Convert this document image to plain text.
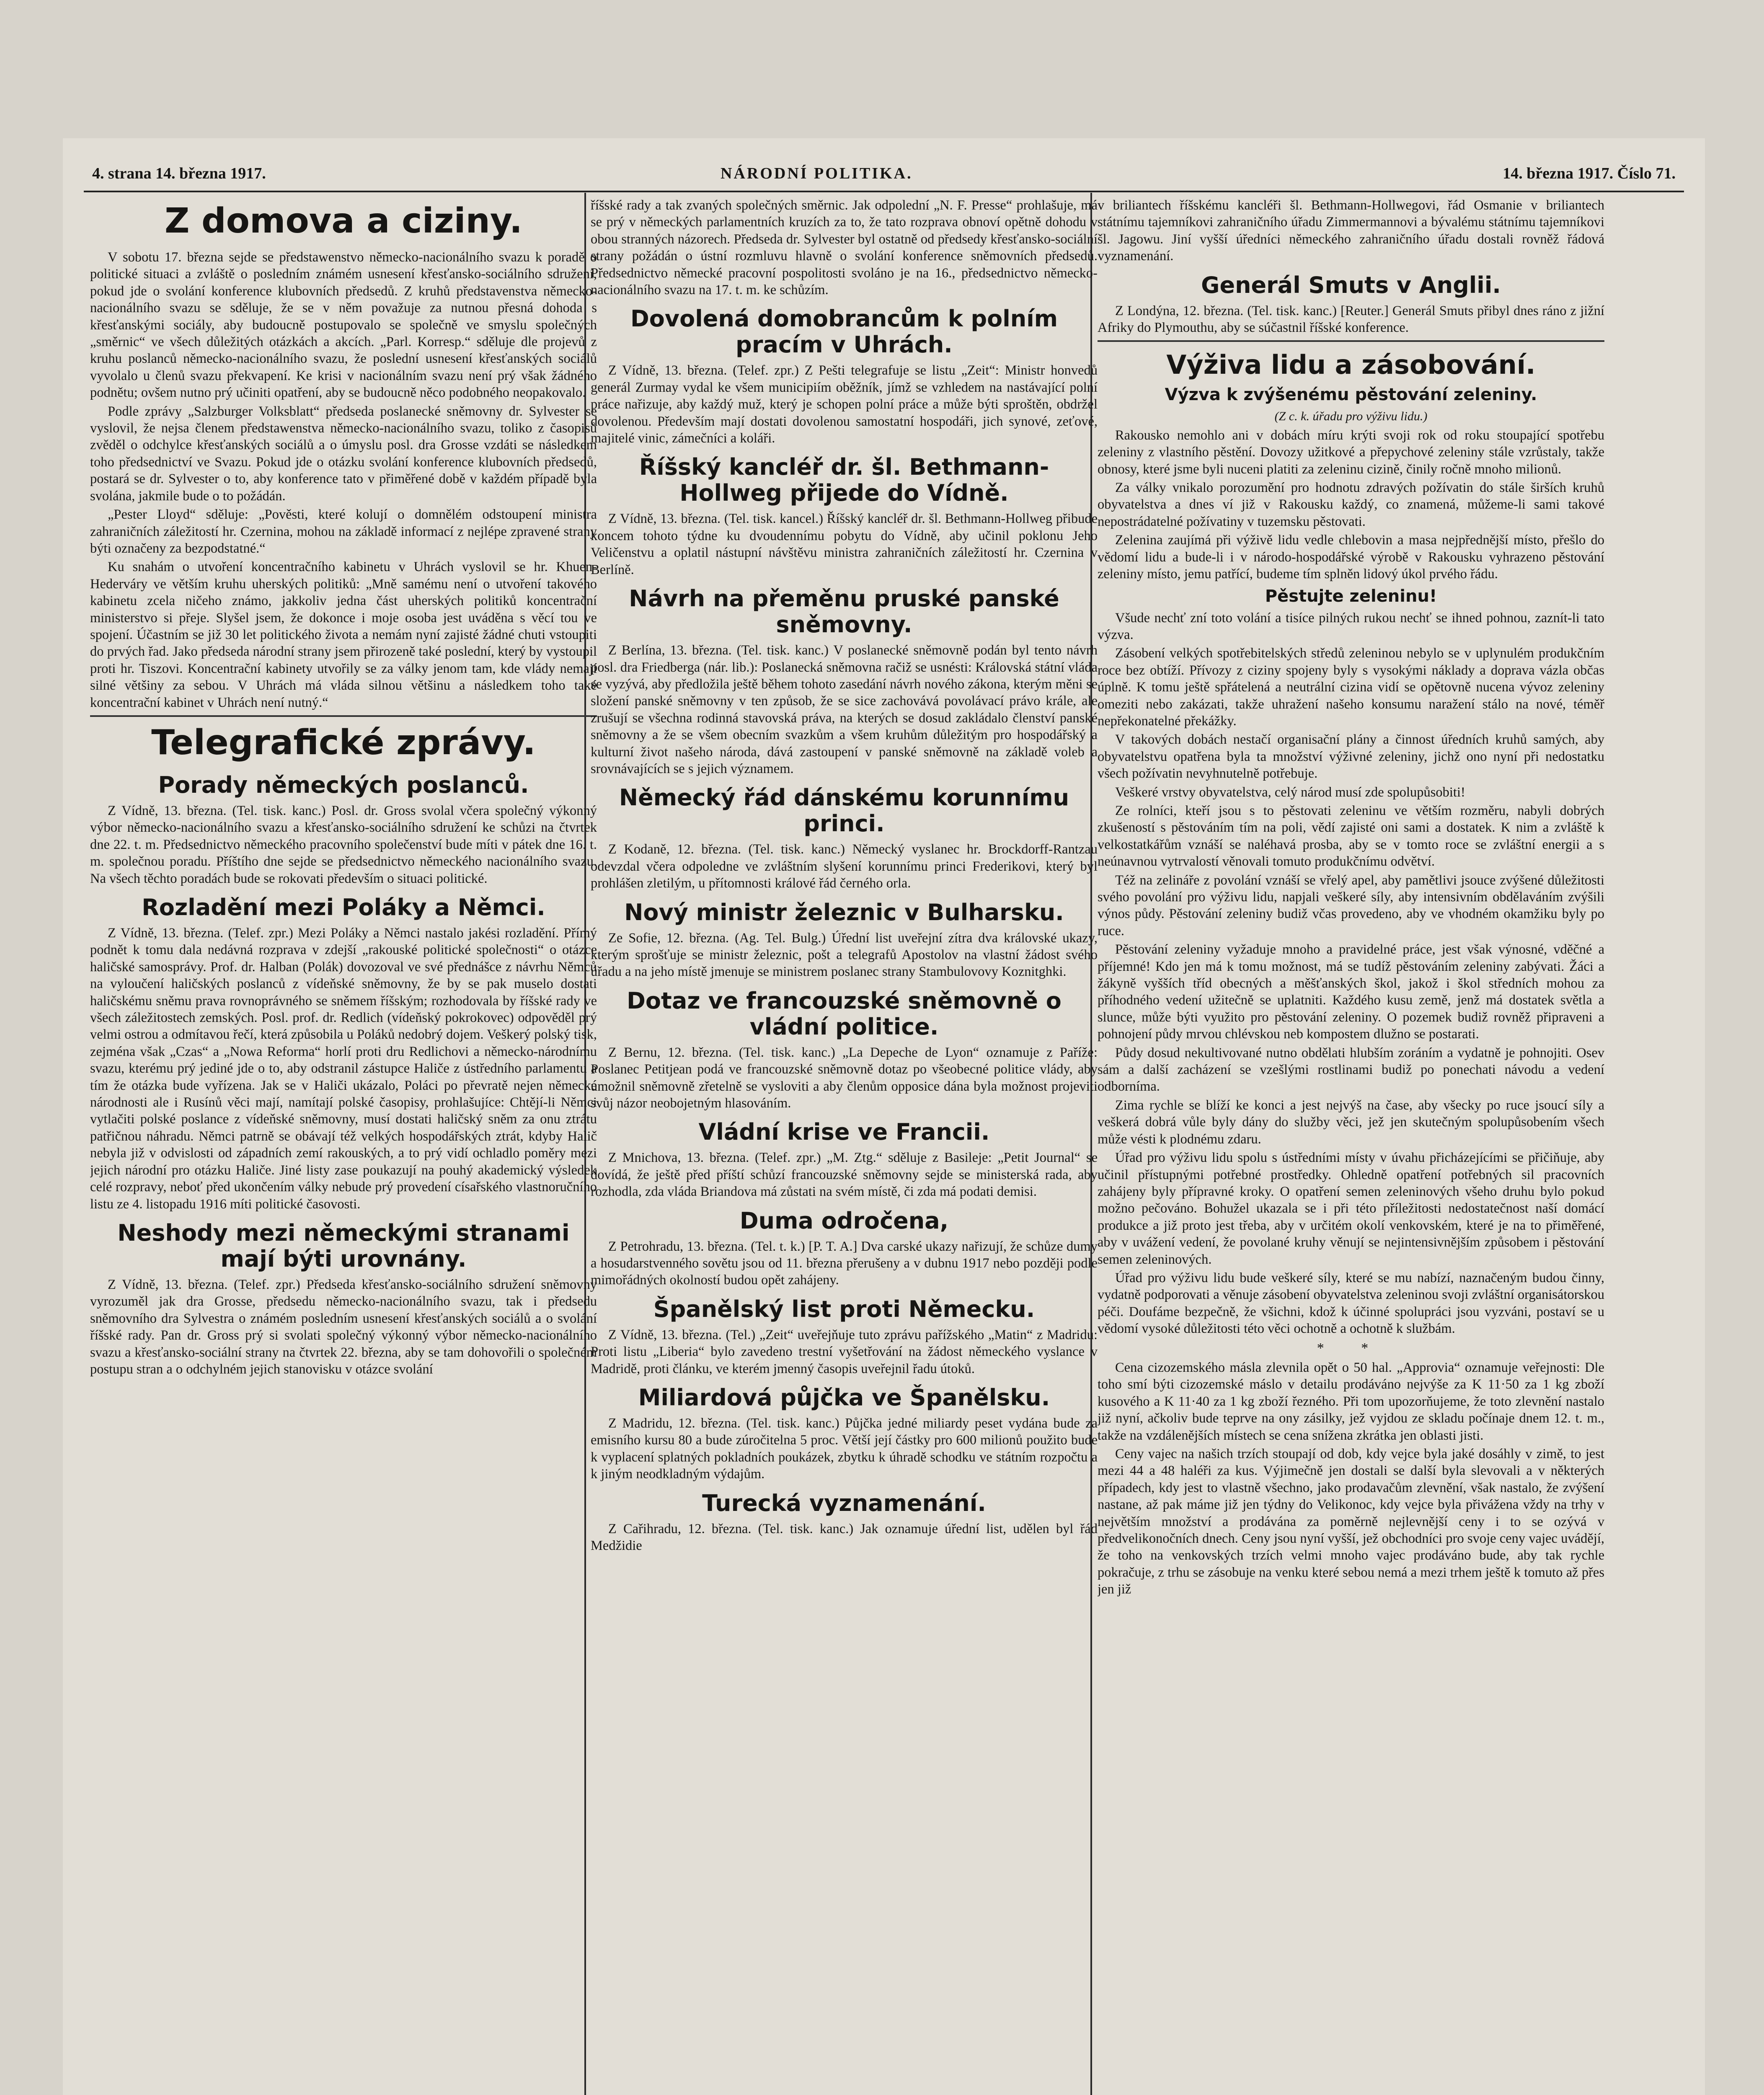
4. strana 14. března 1917.	NÁRODNÍ POLITIKA.	14. března 1917. Číslo 71.
Z domova a ciziny.

V sobotu 17. března sejde se předstawenstvo německo-nacionálního svazu k poradě o politické situaci a zvláště o posledním známém usnesení křesťansko-sociálního sdružení, pokud jde o svolání konference klubovních předsedů. Z kruhů představenstva německo-nacionálního svazu se sděluje, že se v něm považuje za nutnou přesná dohoda s křesťanskými sociály, aby budoucně postupovalo se společně ve smyslu společných „směrnic“ ve všech důležitých otázkách a akcích. „Parl. Korresp.“ sděluje dle projevů z kruhu poslanců německo-nacionálního svazu, že poslední usnesení křesťanských sociálů vyvolalo u členů svazu překvapení. Ke krisi v nacionálním svazu není prý však žádného podnětu; ovšem nutno prý učiniti opatření, aby se budoucně něco podobného neopakovalo.

Podle zprávy „Salzburger Volksblatt“ předseda poslanecké sněmovny dr. Sylvester se vyslovil, že nejsa členem předstawenstva německo-nacionálního svazu, toliko z časopisů zvěděl o odchylce křesťanských sociálů a o úmyslu posl. dra Grosse vzdáti se následkem toho předsednictví ve Svazu. Pokud jde o otázku svolání konference klubovních předsedů, postará se dr. Sylvester o to, aby konference tato v přiměřené době v každém případě byla svolána, jakmile bude o to požádán.

„Pester Lloyd“ sděluje: „Pověsti, které kolují o domnělém odstoupení ministra zahraničních záležitostí hr. Czernina, mohou na základě informací z nejlépe zpravené strany býti označeny za bezpodstatné.“

Ku snahám o utvoření koncentračního kabinetu v Uhrách vyslovil se hr. Khuen-Hederváry ve větším kruhu uherských politiků: „Mně samému není o utvoření takového kabinetu zcela ničeho známo, jakkoliv jedna část uherských politiků koncentrační ministerstvo si přeje. Slyšel jsem, že dokonce i moje osoba jest uváděna s věcí tou ve spojení. Účastním se již 30 let politického života a nemám nyní zajisté žádné chuti vstoupiti do prvých řad. Jako předseda národní strany jsem přirozeně také poslední, který by vystoupil proti hr. Tiszovi. Koncentrační kabinety utvořily se za války jenom tam, kde vlády nemají silné většiny za sebou. V Uhrách má vláda silnou většinu a následkem toho také koncentrační kabinet v Uhrách není nutný.“

Telegrafické zprávy.
Porady německých poslanců.

Z Vídně, 13. března. (Tel. tisk. kanc.) Posl. dr. Gross svolal včera společný výkonný výbor německo-nacionálního svazu a křesťansko-sociálního sdružení ke schůzi na čtvrtek dne 22. t. m. Předsednictvo německého pracovního společenství bude míti v pátek dne 16. t. m. společnou poradu. Příštího dne sejde se předsednictvo německého nacionálního svazu. Na všech těchto poradách bude se rokovati především o situaci politické.

Rozladění mezi Poláky a Němci.

Z Vídně, 13. března. (Telef. zpr.) Mezi Poláky a Němci nastalo jakési rozladění. Přímý podnět k tomu dala nedávná rozprava v zdejší „rakouské politické společnosti“ o otázce haličské samosprávy. Prof. dr. Halban (Polák) dovozoval ve své přednášce z návrhu Němců na vyloučení haličských poslanců z vídeňské sněmovny, že by se pak muselo dostati haličskému sněmu prava rovnoprávného se sněmem říšským; rozhodovala by říšské rady ve všech záležitostech zemských. Posl. prof. dr. Redlich (vídeňský pokrokovec) odpověděl prý velmi ostrou a odmítavou řečí, která způsobila u Poláků nedobrý dojem. Veškerý polský tisk, zejména však „Czas“ a „Nowa Reforma“ horlí proti dru Redlichovi a německo-národnímu svazu, kterému prý jediné jde o to, aby odstranil zástupce Haliče z ústředního parlamentu a tím že otázka bude vyřízena. Jak se v Haliči ukázalo, Poláci po převratě nejen německé národnosti ale i Rusínů věci mají, namítají polské časopisy, prohlašujíce: Chtějí-li Němci vytlačiti polské poslance z vídeňské sněmovny, musí dostati haličský sněm za onu ztrátu patřičnou náhradu. Němci patrně se obávají též velkých hospodářských ztrát, kdyby Halič nebyla již v odvislosti od západních zemí rakouských, a to prý vidí ochladlo poměry mezi jejich národní pro otázku Haliče. Jiné listy zase poukazují na pouhý akademický výsledek celé rozpravy, neboť před ukončením války nebude prý provedení císařského vlastnoručního listu ze 4. listopadu 1916 míti politické časovosti.

Neshody mezi německými stranami mají býti urovnány.

Z Vídně, 13. března. (Telef. zpr.) Předseda křesťansko-sociálního sdružení sněmovny vyrozuměl jak dra Grosse, předsedu německo-nacionálního svazu, tak i předsedu sněmovního dra Sylvestra o známém posledním usnesení křesťanských sociálů a o svolání říšské rady. Pan dr. Gross prý si svolati společný výkonný výbor německo-nacionálního svazu a křesťansko-sociální strany na čtvrtek 22. března, aby se tam dohovořili o společném postupu stran a o odchylném jejich stanovisku v otázce svolání

říšské rady a tak zvaných společných směrnic. Jak odpolední „N. F. Presse“ prohlašuje, má se prý v německých parlamentních kruzích za to, že tato rozprava obnoví opětně dohodu v obou stranných názorech. Předseda dr. Sylvester byl ostatně od předsedy křesťansko-sociální strany požádán o ústní rozmluvu hlavně o svolání konference sněmovních předsedů. Předsednictvo německé pracovní pospolitosti svoláno je na 16., předsednictvo německo-nacionálního svazu na 17. t. m. ke schůzím.

Dovolená domobrancům k polním pracím v Uhrách.

Z Vídně, 13. března. (Telef. zpr.) Z Pešti telegrafuje se listu „Zeit“: Ministr honvedů generál Zurmay vydal ke všem municipiím oběžník, jímž se vzhledem na nastávající polní práce nařizuje, aby každý muž, který je schopen polní práce a může býti sproštěn, obdržel dovolenou. Především mají dostati dovolenou samostatní hospodáři, jich synové, zeťové, majitelé vinic, zámečníci a koláři.

Říšský kancléř dr. šl. Bethmann-Hollweg přijede do Vídně.

Z Vídně, 13. března. (Tel. tisk. kancel.) Říšský kancléř dr. šl. Bethmann-Hollweg přibude koncem tohoto týdne ku dvoudennímu pobytu do Vídně, aby učinil poklonu Jeho Veličenstvu a oplatil nástupní návštěvu ministra zahraničních záležitostí hr. Czernina v Berlíně.

Návrh na přeměnu pruské panské sněmovny.

Z Berlína, 13. března. (Tel. tisk. kanc.) V poslanecké sněmovně podán byl tento návrh posl. dra Friedberga (nár. lib.): Poslanecká sněmovna račiž se usnésti: Královská státní vláda se vyzývá, aby předložila ještě během tohoto zasedání návrh nového zákona, kterým měni se složení panské sněmovny v ten způsob, že se sice zachovává povolávací právo krále, ale zrušují se všechna rodinná stavovská práva, na kterých se dosud zakládalo členství panské sněmovny a že se všem obecním svazkům a všem kruhům důležitým pro hospodářský a kulturní život našeho národa, dává zastoupení v panské sněmovně na základě voleb a srovnávajících se s jejich významem.

Německý řád dánskému korunnímu princi.

Z Kodaně, 12. března. (Tel. tisk. kanc.) Německý vyslanec hr. Brockdorff-Rantzau odevzdal včera odpoledne ve zvláštním slyšení korunnímu princi Frederikovi, který byl prohlášen zletilým, u přítomnosti králové řád černého orla.

Nový ministr železnic v Bulharsku.

Ze Sofie, 12. března. (Ag. Tel. Bulg.) Úřední list uveřejní zítra dva královské ukazy, kterým sprošťuje se ministr železnic, pošt a telegrafů Apostolov na vlastní žádost svého úřadu a na jeho místě jmenuje se ministrem poslanec strany Stambulovovy Koznitghki.

Dotaz ve francouzské sněmovně o vládní politice.

Z Bernu, 12. března. (Tel. tisk. kanc.) „La Depeche de Lyon“ oznamuje z Paříže: Poslanec Petitjean podá ve francouzské sněmovně dotaz po všeobecné politice vlády, aby umožnil sněmovně zřetelně se vysloviti a aby členům opposice dána byla možnost projeviti svůj názor neobojetným hlasováním.

Vládní krise ve Francii.

Z Mnichova, 13. března. (Telef. zpr.) „M. Ztg.“ sděluje z Basileje: „Petit Journal“ se dovídá, že ještě před příští schůzí francouzské sněmovny sejde se ministerská rada, aby rozhodla, zda vláda Briandova má zůstati na svém místě, či zda má podati demisi.

Duma odročena,

Z Petrohradu, 13. března. (Tel. t. k.) [P. T. A.] Dva carské ukazy nařizují, že schůze dumy a hosudarstvenného sovětu jsou od 11. března přerušeny a v dubnu 1917 nebo později podle mimořádných okolností budou opět zahájeny.

Španělský list proti Německu.

Z Vídně, 13. března. (Tel.) „Zeit“ uveřejňuje tuto zprávu pařížského „Matin“ z Madridu: Proti listu „Liberia“ bylo zavedeno trestní vyšetřování na žádost německého vyslance v Madridě, proti článku, ve kterém jmenný časopis uveřejnil řadu útoků.

Miliardová půjčka ve Španělsku.

Z Madridu, 12. března. (Tel. tisk. kanc.) Půjčka jedné miliardy peset vydána bude za emisního kursu 80 a bude zúročitelna 5 proc. Větší její částky pro 600 milionů použito bude k vyplacení splatných pokladních poukázek, zbytku k úhradě schodku ve státním rozpočtu a k jiným neodkladným výdajům.

Turecká vyznamenání.

Z Cařihradu, 12. března. (Tel. tisk. kanc.) Jak oznamuje úřední list, udělen byl řád Medžidie

v briliantech říšskému kancléři šl. Bethmann-Hollwegovi, řád Osmanie v briliantech státnímu tajemníkovi zahraničního úřadu Zimmermannovi a bývalému státnímu tajemníkovi šl. Jagowu. Jiní vyšší úředníci německého zahraničního úřadu dostali rovněž řádová vyznamenání.

Generál Smuts v Anglii.

Z Londýna, 12. března. (Tel. tisk. kanc.) [Reuter.] Generál Smuts přibyl dnes ráno z jižní Afriky do Plymouthu, aby se súčastnil říšské konference.

Výživa lidu a zásobování.
Výzva k zvýšenému pěstování zeleniny.

(Z c. k. úřadu pro výživu lidu.)

Rakousko nemohlo ani v dobách míru krýti svoji rok od roku stoupající spotřebu zeleniny z vlastního pěstění. Dovozy užitkové a přepychové zeleniny stále vzrůstaly, takže obnosy, které jsme byli nuceni platiti za zeleninu cizině, činily ročně mnoho milionů.

Za války vnikalo porozumění pro hodnotu zdravých požívatin do stále širších kruhů obyvatelstva a dnes ví již v Rakousku každý, co znamená, můžeme-li sami takové nepostrádatelné požívatiny v tuzemsku pěstovati.

Zelenina zaujímá při výživě lidu vedle chlebovin a masa nejpřednější místo, přešlo do vědomí lidu a bude-li i v národo-hospodářské výrobě v Rakousku vyhrazeno pěstování zeleniny místo, jemu patřící, budeme tím splněn lidový úkol prvého řádu.

Pěstujte zeleninu!

Všude nechť zní toto volání a tisíce pilných rukou nechť se ihned pohnou, zaznít-li tato výzva.

Zásobení velkých spotřebitelských středů zeleninou nebylo se v uplynulém produkčním roce bez obtíží. Přívozy z ciziny spojeny byly s vysokými náklady a doprava vázla občas úplně. K tomu ještě spřátelená a neutrální cizina vidí se opětovně nucena vývoz zeleniny omeziti nebo zakázati, takže uhražení našeho konsumu naražení stálo na nové, téměř nepřekonatelné překážky.

V takových dobách nestačí organisační plány a činnost úředních kruhů samých, aby obyvatelstvu opatřena byla ta množství výživné zeleniny, jichž ono nyní při nedostatku všech požívatin nevyhnutelně potřebuje.

Veškeré vrstvy obyvatelstva, celý národ musí zde spolupůsobiti!

Ze rolníci, kteří jsou s to pěstovati zeleninu ve větším rozměru, nabyli dobrých zkušeností s pěstováním tím na poli, vědí zajisté oni sami a dostatek. K nim a zvláště k velkostatkářům vznáší se naléhavá prosba, aby se v tomto roce se zvláštní energii a s neúnavnou vytrvalostí věnovali tomuto produkčnímu odvětví.

Též na zelináře z povolání vznáší se vřelý apel, aby pamětlivi jsouce zvýšené důležitosti svého povolání pro výživu lidu, napjali veškeré síly, aby intensivním obdělaváním zvýšili výnos půdy. Pěstování zeleniny budiž včas provedeno, aby ve vhodném okamžiku byly po ruce.

Pěstování zeleniny vyžaduje mnoho a pravidelné práce, jest však výnosné, vděčné a příjemné! Kdo jen má k tomu možnost, má se tudíž pěstováním zeleniny zabývati. Žáci a žákyně vyšších tříd obecných a měšťanských škol, jakož i škol středních mohou za příhodného vedení užitečně se uplatniti. Každého kusu země, jenž má dostatek světla a slunce, může býti využito pro pěstování zeleniny. O pozemek budiž rovněž připraveni a pohnojení půdy mrvou chlévskou neb kompostem dlužno se postarati.

Půdy dosud nekultivované nutno obdělati hlubším zoráním a vydatně je pohnojiti. Osev sám a další zacházení se vzešlými rostlinami budiž po ponechati návodu a vedení odborníma.

Zima rychle se blíží ke konci a jest nejvýš na čase, aby všecky po ruce jsoucí síly a veškerá dobrá vůle byly dány do služby věci, jež jen skutečným spolupůsobením všech může vésti k plodnému zdaru.

Úřad pro výživu lidu spolu s ústředními místy v úvahu přicházejícími se přičiňuje, aby učinil přístupnými potřebné prostředky. Ohledně opatření potřebných sil pracovních zahájeny byly přípravné kroky. O opatření semen zeleninových všeho druhu bylo pokud možno pečováno. Bohužel ukazala se i při této příležitosti nedostatečnost naší domácí produkce a již proto jest třeba, aby v určitém okolí venkovském, které je na to přiměřené, aby v uvážení vedení, že povolané kruhy věnují se nejintensivnějším způsobem i pěstování semen zeleninových.

Úřad pro výživu lidu bude veškeré síly, které se mu nabízí, naznačeným budou činny, vydatně podporovati a věnuje zásobení obyvatelstva zeleninou svoji zvláštní organisátorskou péči. Doufáme bezpečně, že všichni, kdož k účinné spolupráci jsou vyzváni, postaví se u vědomí vysoké důležitosti této věci ochotně a ochotně k službám.

* *

Cena cizozemského másla zlevnila opět o 50 hal. „Approvia“ oznamuje veřejnosti: Dle toho smí býti cizozemské máslo v detailu prodáváno nejvýše za K 11·50 za 1 kg zboží kusového a K 11·40 za 1 kg zboží řezného. Při tom upozorňujeme, že toto zlevnění nastalo již nyní, ačkoliv bude teprve na ony zásilky, jež vyjdou ze skladu počínaje dnem 12. t. m., takže na vzdálenějších místech se cena snížena zkrátka jen oblasti jisti.

Ceny vajec na našich trzích stoupají od dob, kdy vejce byla jaké dosáhly v zimě, to jest mezi 44 a 48 haléři za kus. Výjimečně jen dostali se další byla slevovali a v některých případech, kdy jest to vlastně všechno, jako prodavačům zlevnění, však nastalo, že zvýšení nastane, až pak máme již jen týdny do Velikonoc, kdy vejce byla přivážena vždy na trhy v největším množství a prodávána za poměrně nejlevnější ceny i to se ozývá v předvelikonočních dnech. Ceny jsou nyní vyšší, jež obchodníci pro svoje ceny vajec uvádějí, že toho na venkovských trzích velmi mnoho vajec prodáváno bude, aby tak rychle pokračuje, z trhu se zásobuje na venku které sebou nemá a mezi trhem ještě k tomuto až přes jen již
